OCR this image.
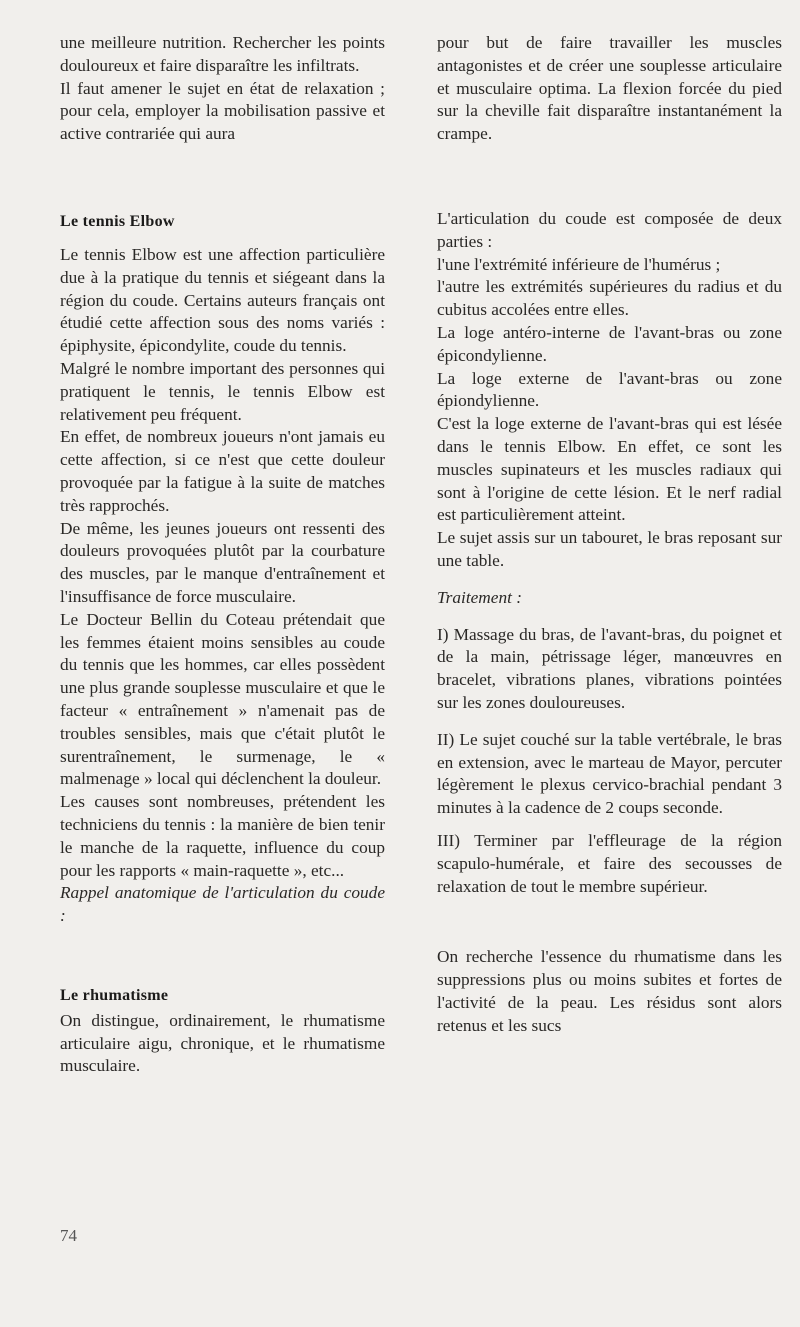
une meilleure nutrition. Rechercher les points douloureux et faire disparaître les infiltrats.

Il faut amener le sujet en état de relaxation ; pour cela, employer la mobilisation passive et active contrariée qui aura

Le tennis Elbow

Le tennis Elbow est une affection particulière due à la pratique du tennis et siégeant dans la région du coude. Certains auteurs français ont étudié cette affection sous des noms variés : épiphysite, épicondylite, coude du tennis.

Malgré le nombre important des personnes qui pratiquent le tennis, le tennis Elbow est relativement peu fréquent.

En effet, de nombreux joueurs n'ont jamais eu cette affection, si ce n'est que cette douleur provoquée par la fatigue à la suite de matches très rapprochés.

De même, les jeunes joueurs ont ressenti des douleurs provoquées plutôt par la courbature des muscles, par le manque d'entraînement et l'insuffisance de force musculaire.

Le Docteur Bellin du Coteau prétendait que les femmes étaient moins sensibles au coude du tennis que les hommes, car elles possèdent une plus grande souplesse musculaire et que le facteur « entraînement » n'amenait pas de troubles sensibles, mais que c'était plutôt le surentraînement, le surmenage, le « malmenage » local qui déclenchent la douleur.

Les causes sont nombreuses, prétendent les techniciens du tennis : la manière de bien tenir le manche de la raquette, influence du coup pour les rapports « main-raquette », etc...

Rappel anatomique de l'articulation du coude :

Le rhumatisme

On distingue, ordinairement, le rhumatisme articulaire aigu, chronique, et le rhumatisme musculaire.

pour but de faire travailler les muscles antagonistes et de créer une souplesse articulaire et musculaire optima. La flexion forcée du pied sur la cheville fait disparaître instantanément la crampe.

L'articulation du coude est composée de deux parties :

l'une l'extrémité inférieure de l'humérus ;

l'autre les extrémités supérieures du radius et du cubitus accolées entre elles.

La loge antéro-interne de l'avant-bras ou zone épicondylienne.

La loge externe de l'avant-bras ou zone épiondylienne.

C'est la loge externe de l'avant-bras qui est lésée dans le tennis Elbow. En effet, ce sont les muscles supinateurs et les muscles radiaux qui sont à l'origine de cette lésion. Et le nerf radial est particulièrement atteint.

Le sujet assis sur un tabouret, le bras reposant sur une table.

Traitement :

I) Massage du bras, de l'avant-bras, du poignet et de la main, pétrissage léger, manœuvres en bracelet, vibrations planes, vibrations pointées sur les zones douloureuses.

II) Le sujet couché sur la table vertébrale, le bras en extension, avec le marteau de Mayor, percuter légèrement le plexus cervico-brachial pendant 3 minutes à la cadence de 2 coups seconde.

III) Terminer par l'effleurage de la région scapulo-humérale, et faire des secousses de relaxation de tout le membre supérieur.

On recherche l'essence du rhumatisme dans les suppressions plus ou moins subites et fortes de l'activité de la peau. Les résidus sont alors retenus et les sucs

74
